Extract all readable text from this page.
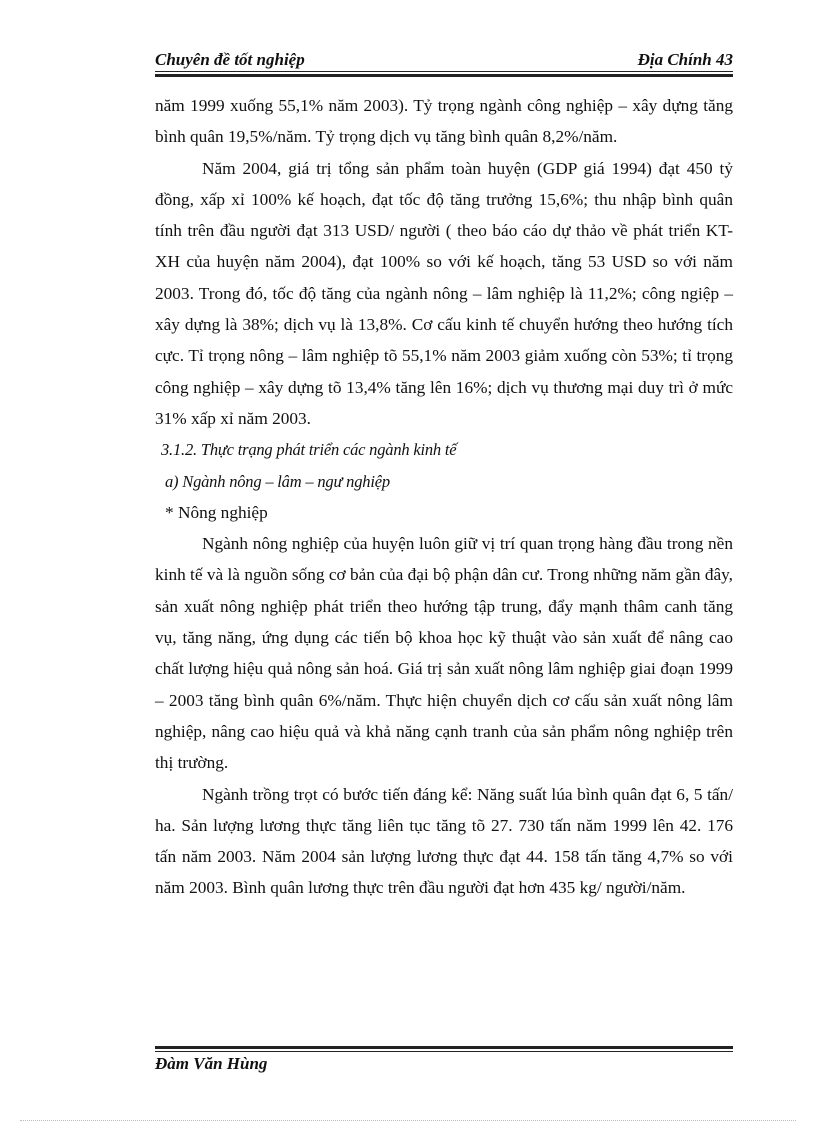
Chuyên đề tốt nghiệp	Địa Chính 43

năm 1999 xuống 55,1% năm 2003). Tỷ trọng ngành công nghiệp – xây dựng tăng bình quân 19,5%/năm. Tỷ trọng dịch vụ tăng bình quân 8,2%/năm.

Năm 2004, giá trị tổng sản phẩm toàn huyện (GDP giá 1994) đạt 450 tỷ đồng, xấp xỉ 100% kế hoạch, đạt tốc độ tăng trưởng 15,6%; thu nhập bình quân tính trên đầu người đạt 313 USD/ người ( theo báo cáo dự thảo về phát triển KT- XH của huyện năm 2004), đạt 100% so với kế hoạch, tăng 53 USD so với năm 2003. Trong đó, tốc độ tăng của ngành nông – lâm nghiệp là 11,2%; công ngiệp – xây dựng là 38%; dịch vụ là 13,8%. Cơ cấu kinh tế chuyển hướng theo hướng tích cực. Tỉ trọng nông – lâm nghiệp tõ 55,1% năm 2003 giảm xuống còn 53%; tỉ trọng công nghiệp – xây dựng tõ 13,4% tăng lên 16%; dịch vụ thương mại duy trì ở mức 31% xấp xỉ năm 2003.

3.1.2. Thực trạng phát triển các ngành kinh tế

a) Ngành nông – lâm – ngư nghiệp

* Nông nghiệp

Ngành nông nghiệp của huyện luôn giữ vị trí quan trọng hàng đầu trong nền kinh tế và là nguồn sống cơ bản của đại bộ phận dân cư. Trong những năm gần đây, sản xuất nông nghiệp phát triển theo hướng tập trung, đẩy mạnh thâm canh tăng vụ, tăng năng, ứng dụng các tiến bộ khoa học kỹ thuật vào sản xuất để nâng cao chất lượng hiệu quả nông sản hoá. Giá trị sản xuất nông lâm nghiệp giai đoạn 1999 – 2003 tăng bình quân 6%/năm. Thực hiện chuyển dịch cơ cấu sản xuất nông lâm nghiệp, nâng cao hiệu quả và khả năng cạnh tranh của sản phẩm nông nghiệp trên thị trường.

Ngành trồng trọt có bước tiến đáng kể: Năng suất lúa bình quân đạt 6, 5 tấn/ ha. Sản lượng lương thực tăng liên tục tăng tõ 27. 730 tấn năm 1999 lên 42. 176 tấn năm 2003. Năm 2004 sản lượng lương thực đạt 44. 158 tấn tăng 4,7% so với năm 2003. Bình quân lương thực trên đầu người đạt hơn 435 kg/ người/năm.

Đàm Văn Hùng
